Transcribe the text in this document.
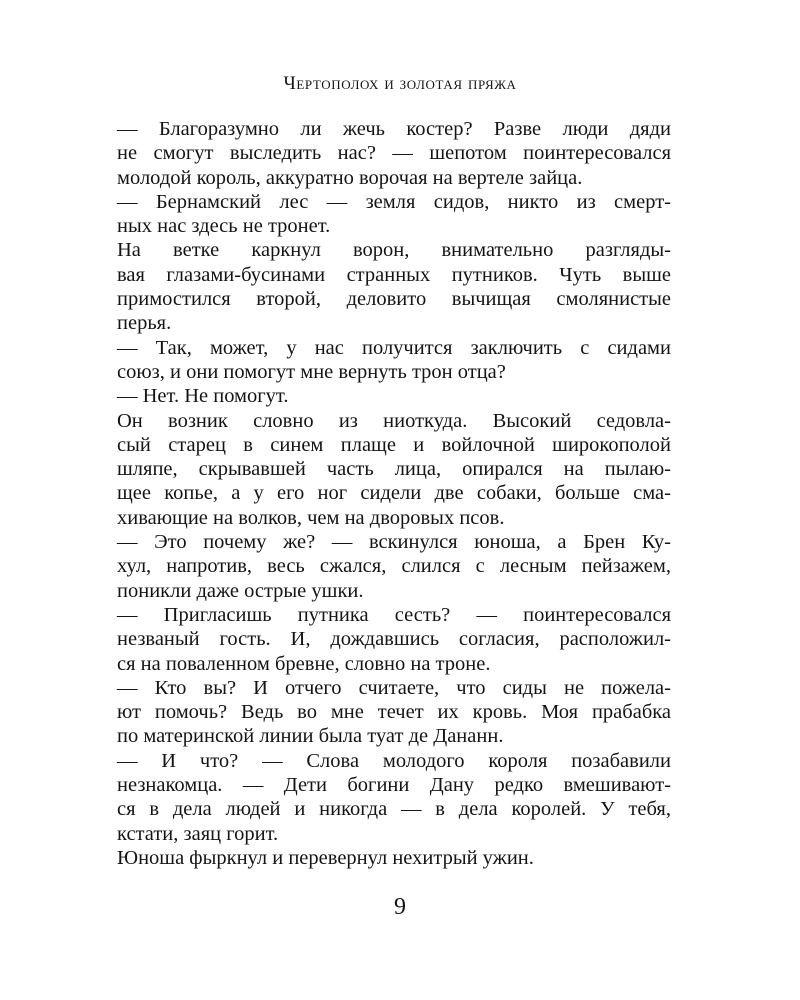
Чертополох и золотая пряжа
— Благоразумно ли жечь костер? Разве люди дяди
не смогут выследить нас? — шепотом поинтересовался
молодой король, аккуратно ворочая на вертеле зайца.
— Бернамский лес — земля сидов, никто из смерт-
ных нас здесь не тронет.
На ветке каркнул ворон, внимательно разгляды-
вая глазами-бусинами странных путников. Чуть выше
примостился второй, деловито вычищая смолянистые
перья.
— Так, может, у нас получится заключить с сидами
союз, и они помогут мне вернуть трон отца?
— Нет. Не помогут.
Он возник словно из ниоткуда. Высокий седовла-
сый старец в синем плаще и войлочной широкополой
шляпе, скрывавшей часть лица, опирался на пылаю-
щее копье, а у его ног сидели две собаки, больше сма-
хивающие на волков, чем на дворовых псов.
— Это почему же? — вскинулся юноша, а Брен Ку-
хул, напротив, весь сжался, слился с лесным пейзажем,
поникли даже острые ушки.
— Пригласишь путника сесть? — поинтересовался
незваный гость. И, дождавшись согласия, расположил-
ся на поваленном бревне, словно на троне.
— Кто вы? И отчего считаете, что сиды не пожела-
ют помочь? Ведь во мне течет их кровь. Моя прабабка
по материнской линии была туат де Дананн.
— И что? — Слова молодого короля позабавили
незнакомца. — Дети богини Дану редко вмешивают-
ся в дела людей и никогда — в дела королей. У тебя,
кстати, заяц горит.
Юноша фыркнул и перевернул нехитрый ужин.
9
